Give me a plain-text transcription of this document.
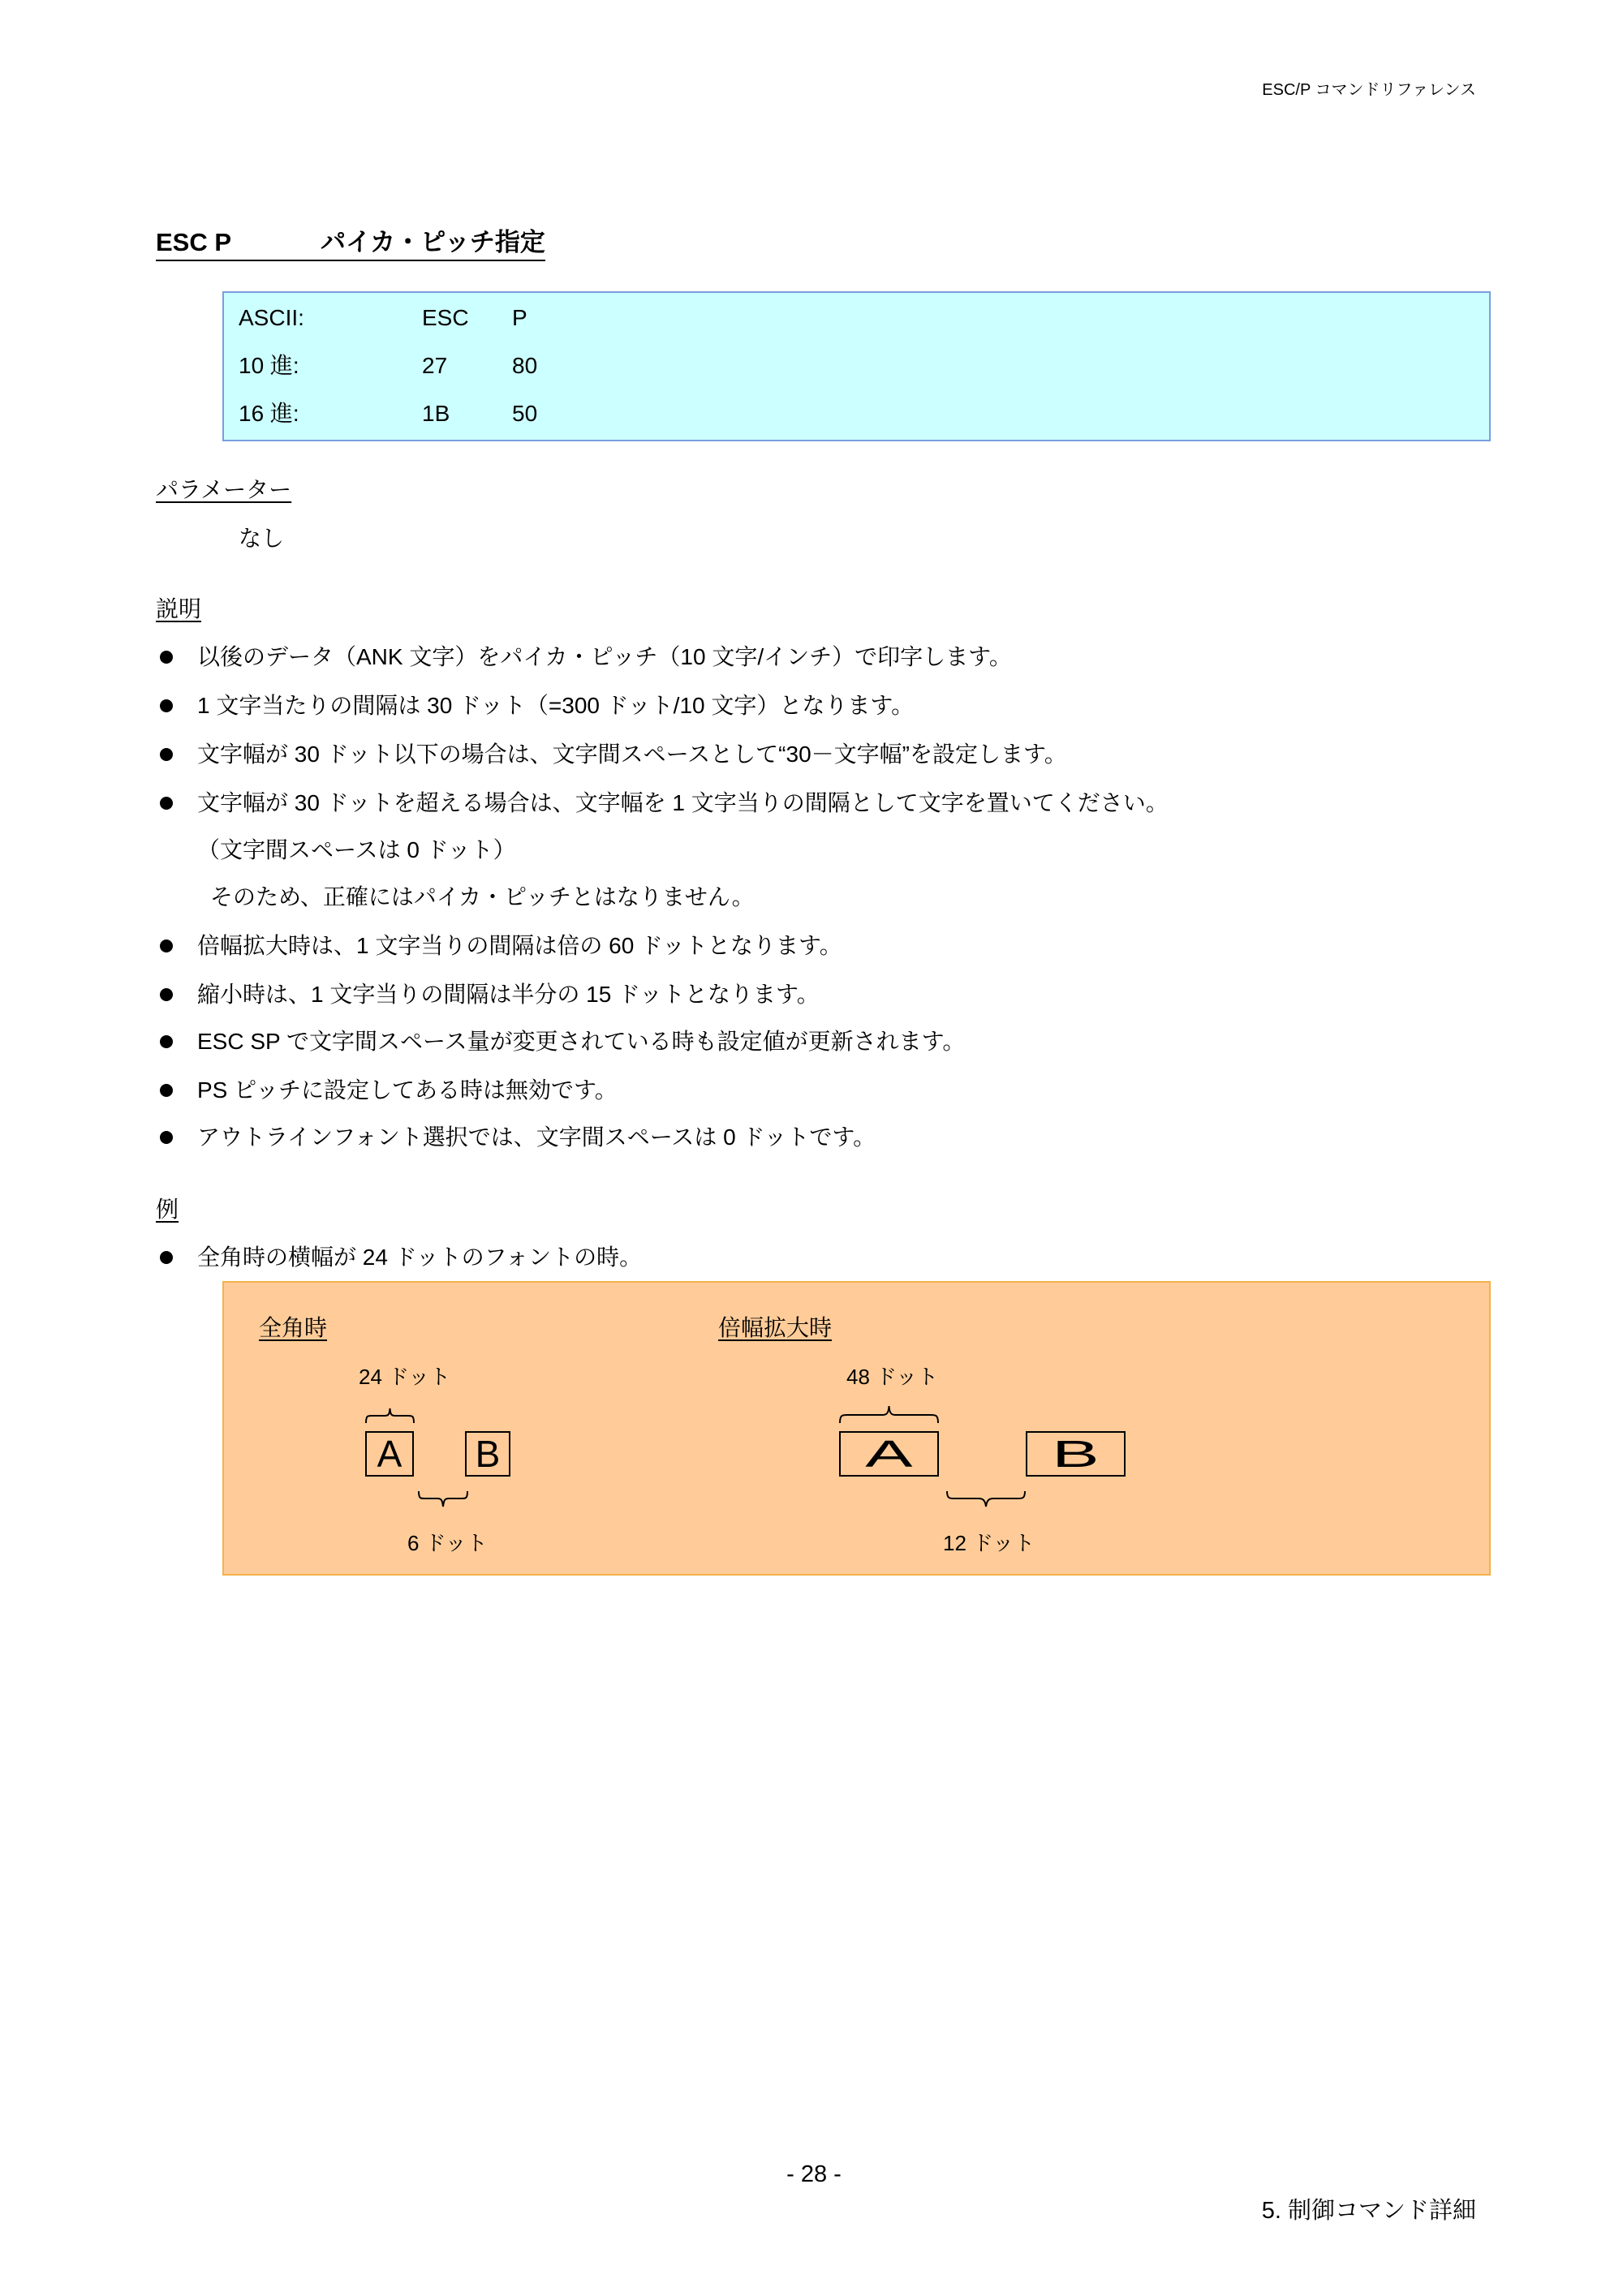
ESC/P コマンドリファレンス
ESC P	パイカ・ピッチ指定
ASCII:	ESC P
10 進:	27	80
16 進:	1B	50
パラメーター
なし
説明
以後のデータ（ANK 文字）をパイカ・ピッチ（10 文字/インチ）で印字します。
1 文字当たりの間隔は 30 ドット（=300 ドット/10 文字）となります。
文字幅が 30 ドット以下の場合は、文字間スペースとして“30－文字幅”を設定します。
文字幅が 30 ドットを超える場合は、文字幅を 1 文字当りの間隔として文字を置いてください。
（文字間スペースは 0 ドット）
そのため、正確にはパイカ・ピッチとはなりません。
倍幅拡大時は、1 文字当りの間隔は倍の 60 ドットとなります。
縮小時は、1 文字当りの間隔は半分の 15 ドットとなります。
ESC SP で文字間スペース量が変更されている時も設定値が更新されます。
PS ピッチに設定してある時は無効です。
アウトラインフォント選択では、文字間スペースは 0 ドットです。
例
全角時の横幅が 24 ドットのフォントの時。
全角時
24 ドット
A B
6 ドット
倍幅拡大時
48 ドット
A	B
12 ドット
- 28 -
5. 制御コマンド詳細
